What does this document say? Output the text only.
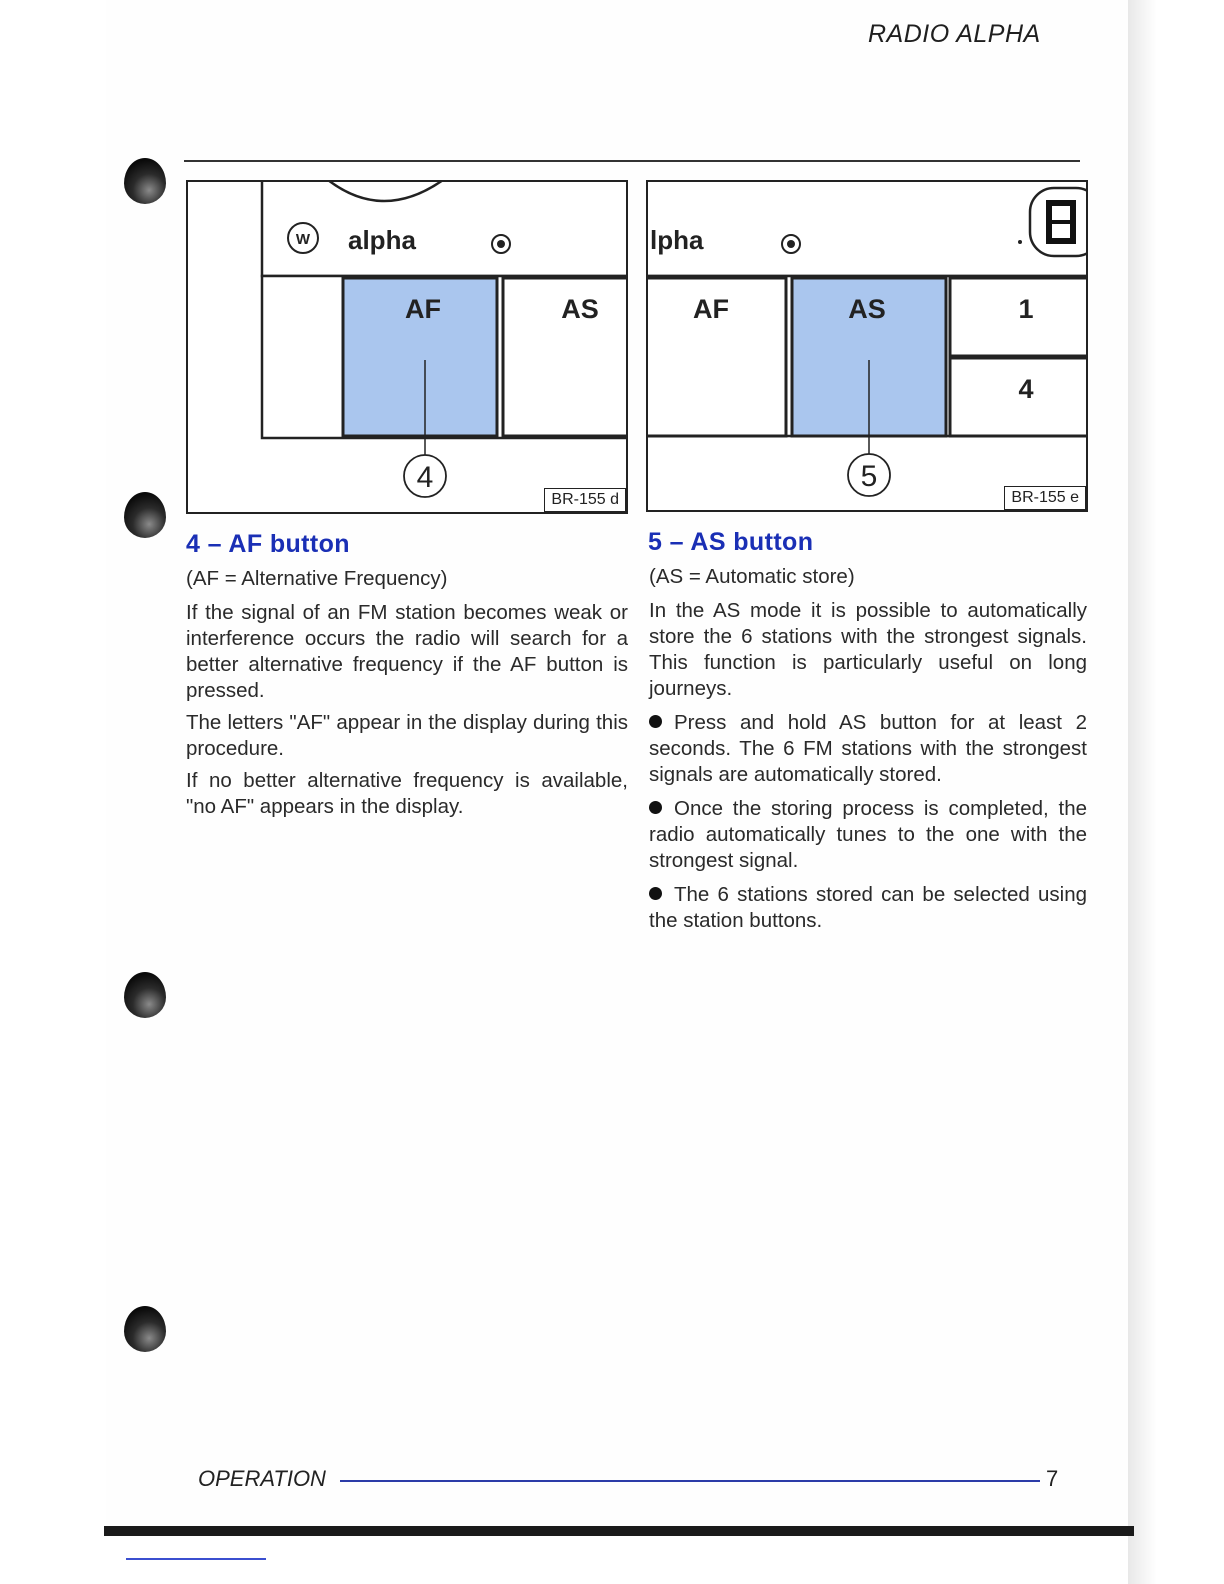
RADIO ALPHA
W alpha
AF	AS
4
BR-155 d
lpha
AF	AS	1
4
5
BR-155 e
4 – AF button

(AF = Alternative Frequency)

If the signal of an FM station becomes weak or interference occurs the radio will search for a better alternative frequency if the AF button is pressed.

The letters "AF" appear in the display during this procedure.

If no better alternative frequency is available, "no AF" appears in the display.

5 – AS button

(AS = Automatic store)

In the AS mode it is possible to automatically store the 6 stations with the strongest signals. This function is particularly useful on long journeys.

Press and hold AS button for at least 2 seconds. The 6 FM stations with the strongest signals are automatically stored.

Once the storing process is completed, the radio automatically tunes to the one with the strongest signal.

The 6 stations stored can be selected using the station buttons.

OPERATION	7
